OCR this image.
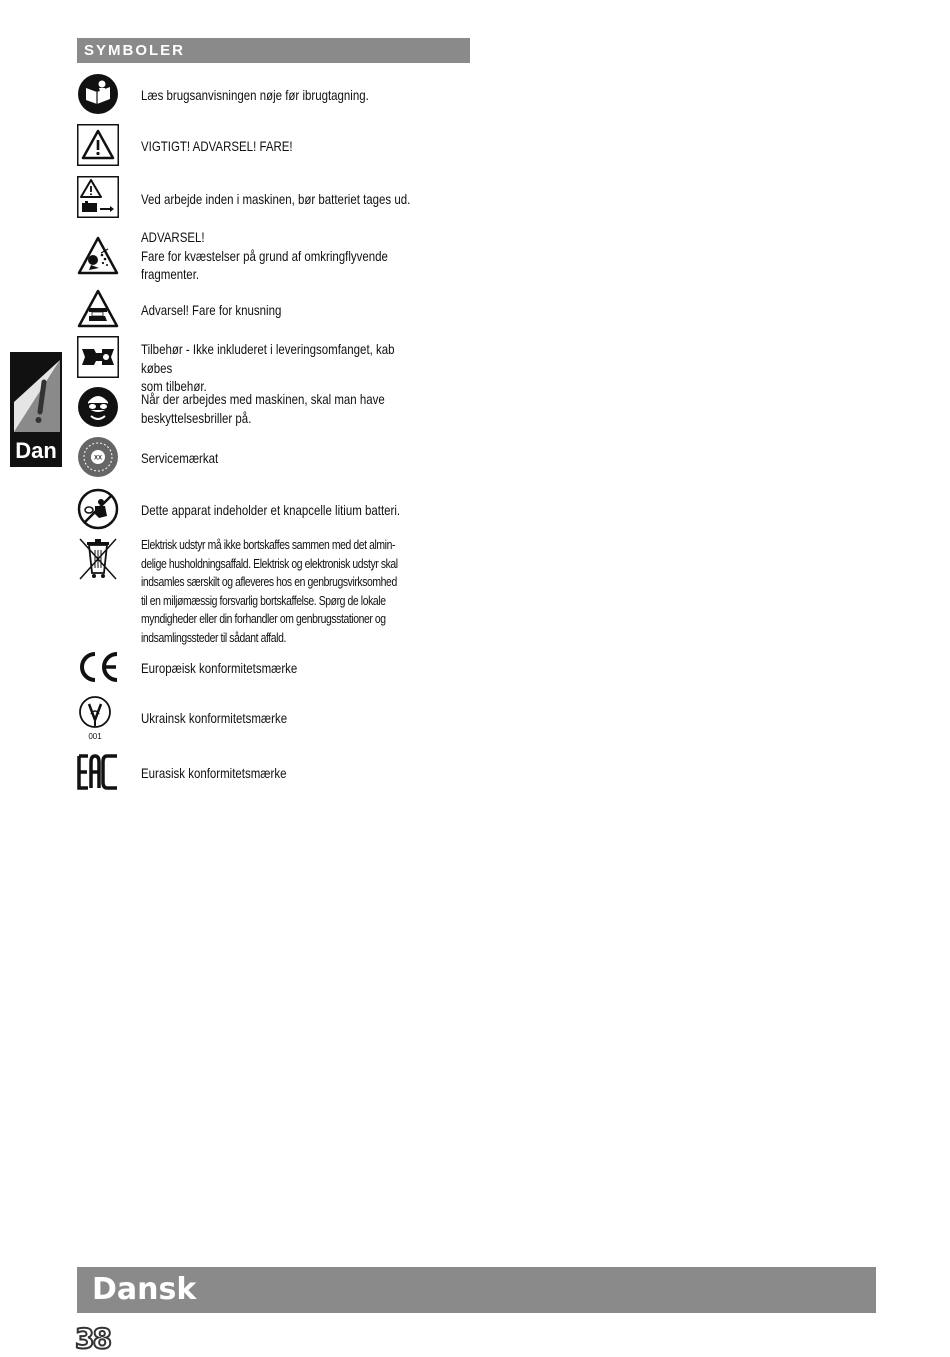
SYMBOLER
Læs brugsanvisningen nøje før ibrugtagning.
VIGTIGT! ADVARSEL! FARE!
Ved arbejde inden i maskinen, bør batteriet tages ud.
ADVARSEL!
Fare for kvæstelser på grund af omkringflyvende
fragmenter.
Advarsel! Fare for knusning
Tilbehør - Ikke inkluderet i leveringsomfanget, kab købes
som tilbehør.
Når der arbejdes med maskinen, skal man have
beskyttelsesbriller på.
XX	Servicemærkat
Dette apparat indeholder et knapcelle litium batteri.
Elektrisk udstyr må ikke bortskaffes sammen med det almin-
delige husholdningsaffald. Elektrisk og elektronisk udstyr skal
indsamles særskilt og afleveres hos en genbrugsvirksomhed
til en miljømæssig forsvarlig bortskaffelse. Spørg de lokale
myndigheder eller din forhandler om genbrugsstationer og
indsamlingssteder til sådant affald.
Europæisk konformitetsmærke
001
Ukrainsk konformitetsmærke
Eurasisk konformitetsmærke
Dan
Dansk
38
